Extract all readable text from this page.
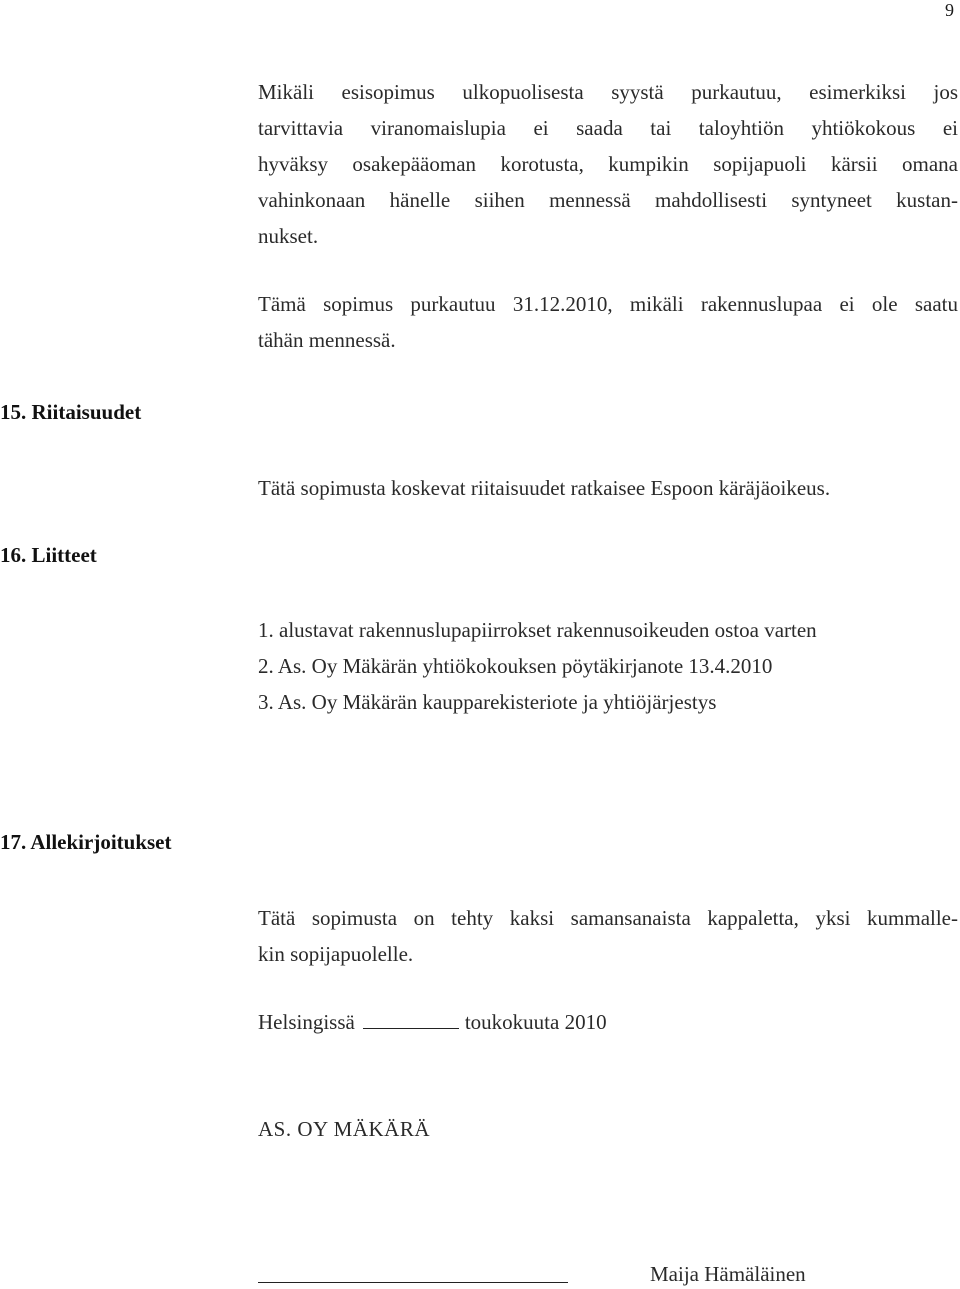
9
Mikäli esisopimus ulkopuolisesta syystä purkautuu, esimerkiksi jos
tarvittavia viranomaislupia ei saada tai taloyhtiön yhtiökokous ei
hyväksy osakepääoman korotusta, kumpikin sopijapuoli kärsii omana
vahinkonaan hänelle siihen mennessä mahdollisesti syntyneet kustan-
nukset.
Tämä sopimus purkautuu 31.12.2010, mikäli rakennuslupaa ei ole saatu
tähän mennessä.
15. Riitaisuudet
Tätä sopimusta koskevat riitaisuudet ratkaisee Espoon käräjäoikeus.
16. Liitteet
1. alustavat rakennuslupapiirrokset rakennusoikeuden ostoa varten
2. As. Oy Mäkärän yhtiökokouksen pöytäkirjanote 13.4.2010
3. As. Oy Mäkärän kaupparekisteriote ja yhtiöjärjestys
17. Allekirjoitukset
Tätä sopimusta on tehty kaksi samansanaista kappaletta, yksi kummalle-
kin sopijapuolelle.
Helsingissä	toukokuuta 2010
AS. OY MÄKÄRÄ
Maija Hämäläinen
